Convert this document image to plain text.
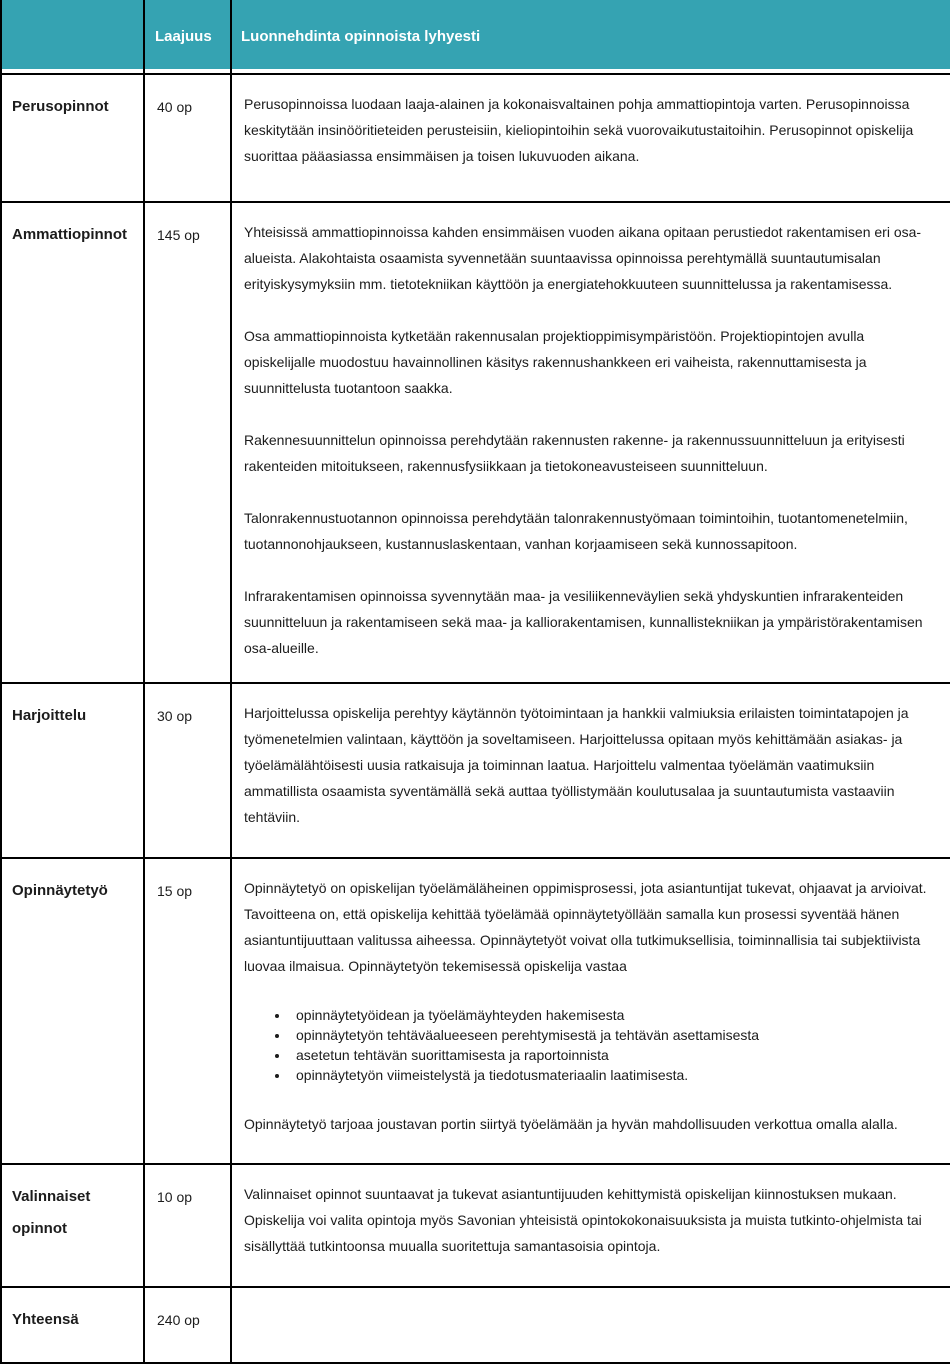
	Laajuus	Luonnehdinta opinnoista lyhyesti
Perusopinnot	40 op	Perusopinnoissa luodaan laaja-alainen ja kokonaisvaltainen pohja ammattiopintoja varten. Perusopinnoissa keskitytään insinööritieteiden perusteisiin, kieliopintoihin sekä vuorovaikutustaitoihin. Perusopinnot opiskelija suorittaa pääasiassa ensimmäisen ja toisen lukuvuoden aikana.

Ammattiopinnot	145 op	Yhteisissä ammattiopinnoissa kahden ensimmäisen vuoden aikana opitaan perustiedot rakentamisen eri osa-alueista. Alakohtaista osaamista syvennetään suuntaavissa opinnoissa perehtymällä suuntautumisalan erityiskysymyksiin mm. tietotekniikan käyttöön ja energiatehokkuuteen suunnittelussa ja rakentamisessa.

Osa ammattiopinnoista kytketään rakennusalan projektioppimisympäristöön. Projektiopintojen avulla opiskelijalle muodostuu havainnollinen käsitys rakennushankkeen eri vaiheista, rakennuttamisesta ja suunnittelusta tuotantoon saakka.

Rakennesuunnittelun opinnoissa perehdytään rakennusten rakenne- ja rakennussuunnitteluun ja erityisesti rakenteiden mitoitukseen, rakennusfysiikkaan ja tietokoneavusteiseen suunnitteluun.

Talonrakennustuotannon opinnoissa perehdytään talonrakennustyömaan toimintoihin, tuotantomenetelmiin, tuotannonohjaukseen, kustannuslaskentaan, vanhan korjaamiseen sekä kunnossapitoon.

Infrarakentamisen opinnoissa syvennytään maa- ja vesiliikenneväylien sekä yhdyskuntien infrarakenteiden suunnitteluun ja rakentamiseen sekä maa- ja kalliorakentamisen, kunnallistekniikan ja ympäristörakentamisen osa-alueille.

Harjoittelu	30 op	Harjoittelussa opiskelija perehtyy käytännön työtoimintaan ja hankkii valmiuksia erilaisten toimintatapojen ja työmenetelmien valintaan, käyttöön ja soveltamiseen. Harjoittelussa opitaan myös kehittämään asiakas- ja työelämälähtöisesti uusia ratkaisuja ja toiminnan laatua. Harjoittelu valmentaa työelämän vaatimuksiin ammatillista osaamista syventämällä sekä auttaa työllistymään koulutusalaa ja suuntautumista vastaaviin tehtäviin.

Opinnäytetyö	15 op	Opinnäytetyö on opiskelijan työelämäläheinen oppimisprosessi, jota asiantuntijat tukevat, ohjaavat ja arvioivat. Tavoitteena on, että opiskelija kehittää työelämää opinnäytetyöllään samalla kun prosessi syventää hänen asiantuntijuuttaan valitussa aiheessa. Opinnäytetyöt voivat olla tutkimuksellisia, toiminnallisia tai subjektiivista luovaa ilmaisua. Opinnäytetyön tekemisessä opiskelija vastaa

• opinnäytetyöidean ja työelämäyhteyden hakemisesta
• opinnäytetyön tehtäväalueeseen perehtymisestä ja tehtävän asettamisesta
• asetetun tehtävän suorittamisesta ja raportoinnista
• opinnäytetyön viimeistelystä ja tiedotusmateriaalin laatimisesta.

Opinnäytetyö tarjoaa joustavan portin siirtyä työelämään ja hyvän mahdollisuuden verkottua omalla alalla.

Valinnaiset opinnot	10 op	Valinnaiset opinnot suuntaavat ja tukevat asiantuntijuuden kehittymistä opiskelijan kiinnostuksen mukaan. Opiskelija voi valita opintoja myös Savonian yhteisistä opintokokonaisuuksista ja muista tutkinto-ohjelmista tai sisällyttää tutkintoonsa muualla suoritettuja samantasoisia opintoja.

Yhteensä	240 op	
